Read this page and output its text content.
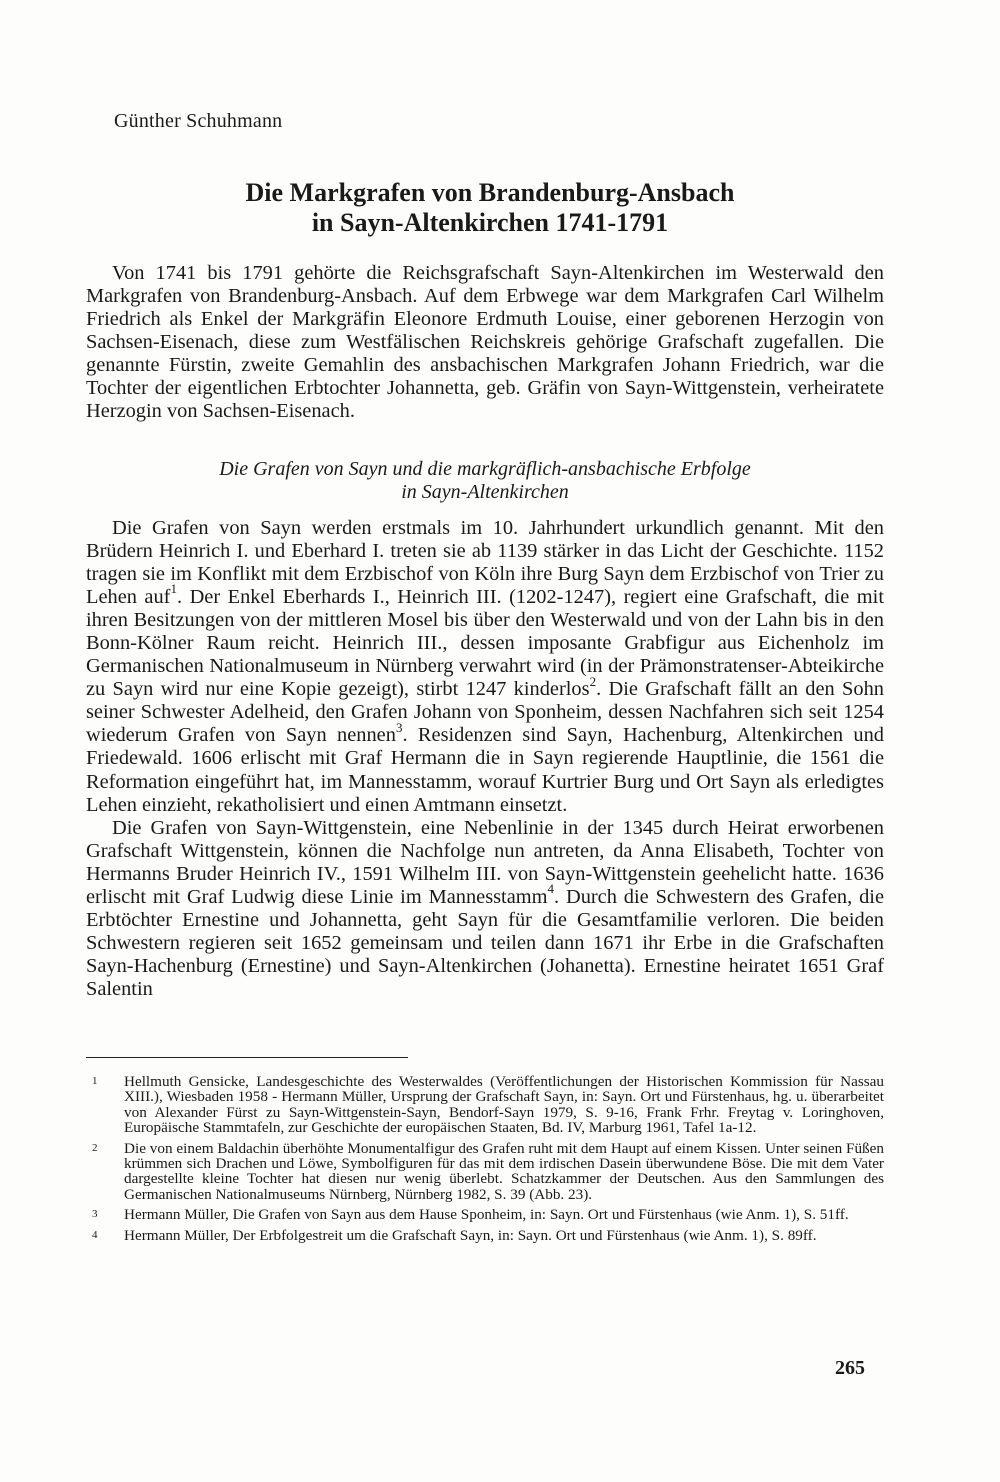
Günther Schuhmann
Die Markgrafen von Brandenburg-Ansbach
in Sayn-Altenkirchen 1741-1791

Von 1741 bis 1791 gehörte die Reichsgrafschaft Sayn-Altenkirchen im Westerwald den Markgrafen von Brandenburg-Ansbach. Auf dem Erbwege war dem Markgrafen Carl Wilhelm Friedrich als Enkel der Markgräfin Eleonore Erdmuth Louise, einer geborenen Herzogin von Sachsen-Eisenach, diese zum Westfälischen Reichskreis gehörige Grafschaft zugefallen. Die genannte Fürstin, zweite Gemahlin des ansbachischen Markgrafen Johann Friedrich, war die Tochter der eigentlichen Erbtochter Johannetta, geb. Gräfin von Sayn-Wittgenstein, verheiratete Herzogin von Sachsen-Eisenach.

Die Grafen von Sayn und die markgräflich-ansbachische Erbfolge
in Sayn-Altenkirchen

Die Grafen von Sayn werden erstmals im 10. Jahrhundert urkundlich genannt. Mit den Brüdern Heinrich I. und Eberhard I. treten sie ab 1139 stärker in das Licht der Geschichte. 1152 tragen sie im Konflikt mit dem Erzbischof von Köln ihre Burg Sayn dem Erzbischof von Trier zu Lehen auf$^1$. Der Enkel Eberhards I., Heinrich III. (1202-1247), regiert eine Grafschaft, die mit ihren Besitzungen von der mittleren Mosel bis über den Westerwald und von der Lahn bis in den Bonn-Kölner Raum reicht. Heinrich III., dessen imposante Grabfigur aus Eichenholz im Germanischen Nationalmuseum in Nürnberg verwahrt wird (in der Prämonstratenser-Abteikirche zu Sayn wird nur eine Kopie gezeigt), stirbt 1247 kinderlos$^2$. Die Grafschaft fällt an den Sohn seiner Schwester Adelheid, den Grafen Johann von Sponheim, dessen Nachfahren sich seit 1254 wiederum Grafen von Sayn nennen$^3$. Residenzen sind Sayn, Hachenburg, Altenkirchen und Friedewald. 1606 erlischt mit Graf Hermann die in Sayn regierende Hauptlinie, die 1561 die Reformation eingeführt hat, im Mannesstamm, worauf Kurtrier Burg und Ort Sayn als erledigtes Lehen einzieht, rekatholisiert und einen Amtmann einsetzt.

Die Grafen von Sayn-Wittgenstein, eine Nebenlinie in der 1345 durch Heirat erworbenen Grafschaft Wittgenstein, können die Nachfolge nun antreten, da Anna Elisabeth, Tochter von Hermanns Bruder Heinrich IV., 1591 Wilhelm III. von Sayn-Wittgenstein geehelicht hatte. 1636 erlischt mit Graf Ludwig diese Linie im Mannesstamm$^4$. Durch die Schwestern des Grafen, die Erbtöchter Ernestine und Johannetta, geht Sayn für die Gesamtfamilie verloren. Die beiden Schwestern regieren seit 1652 gemeinsam und teilen dann 1671 ihr Erbe in die Grafschaften Sayn-Hachenburg (Ernestine) und Sayn-Altenkirchen (Johanetta). Ernestine heiratet 1651 Graf Salentin

1	Hellmuth Gensicke, Landesgeschichte des Westerwaldes (Veröffentlichungen der Historischen Kommission für Nassau XIII.), Wiesbaden 1958 - Hermann Müller, Ursprung der Grafschaft Sayn, in: Sayn. Ort und Fürstenhaus, hg. u. überarbeitet von Alexander Fürst zu Sayn-Wittgenstein-Sayn, Bendorf-Sayn 1979, S. 9-16, Frank Frhr. Freytag v. Loringhoven, Europäische Stammtafeln, zur Geschichte der europäischen Staaten, Bd. IV, Marburg 1961, Tafel 1a-12.
2	Die von einem Baldachin überhöhte Monumentalfigur des Grafen ruht mit dem Haupt auf einem Kissen. Unter seinen Füßen krümmen sich Drachen und Löwe, Symbolfiguren für das mit dem irdischen Dasein überwundene Böse. Die mit dem Vater dargestellte kleine Tochter hat diesen nur wenig überlebt. Schatzkammer der Deutschen. Aus den Sammlungen des Germanischen Nationalmuseums Nürnberg, Nürnberg 1982, S. 39 (Abb. 23).
3	Hermann Müller, Die Grafen von Sayn aus dem Hause Sponheim, in: Sayn. Ort und Fürstenhaus (wie Anm. 1), S. 51ff.
4	Hermann Müller, Der Erbfolgestreit um die Grafschaft Sayn, in: Sayn. Ort und Fürstenhaus (wie Anm. 1), S. 89ff.
265
